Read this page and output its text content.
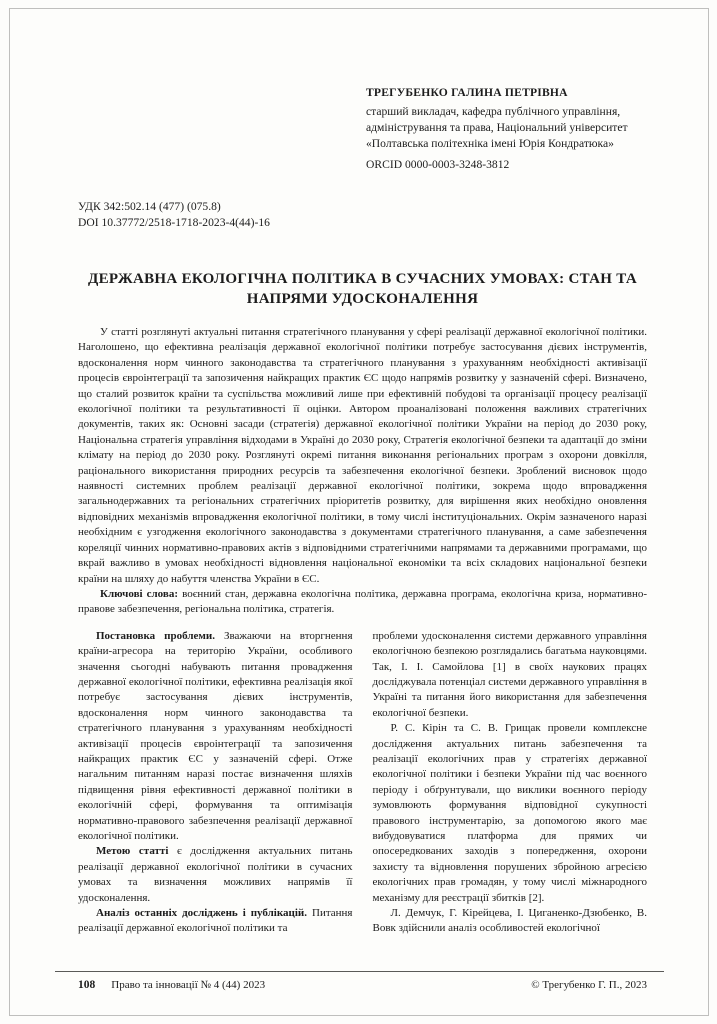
ТРЕГУБЕНКО ГАЛИНА ПЕТРІВНА
старший викладач, кафедра публічного управління, адміністрування та права, Національний університет «Полтавська політехніка імені Юрія Кондратюка»
ORCID 0000-0003-3248-3812
УДК 342:502.14 (477) (075.8)
DOI 10.37772/2518-1718-2023-4(44)-16
ДЕРЖАВНА ЕКОЛОГІЧНА ПОЛІТИКА В СУЧАСНИХ УМОВАХ: СТАН ТА НАПРЯМИ УДОСКОНАЛЕННЯ

У статті розглянуті актуальні питання стратегічного планування у сфері реалізації державної екологічної політики. Наголошено, що ефективна реалізація державної екологічної політики потребує застосування дієвих інструментів, вдосконалення норм чинного законодавства та стратегічного планування з урахуванням необхідності активізації процесів євроінтеграції та запозичення найкращих практик ЄС щодо напрямів розвитку у зазначеній сфері. Визначено, що сталий розвиток країни та суспільства можливий лише при ефективній побудові та організації процесу реалізації екологічної політики та результативності її оцінки. Автором проаналізовані положення важливих стратегічних документів, таких як: Основні засади (стратегія) державної екологічної політики України на період до 2030 року, Національна стратегія управління відходами в Україні до 2030 року, Стратегія екологічної безпеки та адаптації до зміни клімату на період до 2030 року. Розглянуті окремі питання виконання регіональних програм з охорони довкілля, раціонального використання природних ресурсів та забезпечення екологічної безпеки. Зроблений висновок щодо наявності системних проблем реалізації державної екологічної політики, зокрема щодо впровадження загальнодержавних та регіональних стратегічних пріоритетів розвитку, для вирішення яких необхідно оновлення відповідних механізмів впровадження екологічної політики, в тому числі інституціональних. Окрім зазначеного наразі необхідним є узгодження екологічного законодавства з документами стратегічного планування, а саме забезпечення кореляції чинних нормативно-правових актів з відповідними стратегічними напрямами та державними програмами, що вкрай важливо в умовах необхідності відновлення національної економіки та всіх складових національної безпеки країни на шляху до набуття членства України в ЄС.

Ключові слова: воєнний стан, державна екологічна політика, державна програма, екологічна криза, нормативно-правове забезпечення, регіональна політика, стратегія.

Постановка проблеми. Зважаючи на вторгнення країни-агресора на територію України, особливого значення сьогодні набувають питання провадження державної екологічної політики, ефективна реалізація якої потребує застосування дієвих інструментів, вдосконалення норм чинного законодавства та стратегічного планування з урахуванням необхідності активізації процесів євроінтеграції та запозичення найкращих практик ЄС у зазначеній сфері. Отже нагальним питанням наразі постає визначення шляхів підвищення рівня ефективності державної політики в екологічній сфері, формування та оптимізація нормативно-правового забезпечення реалізації державної екологічної політики.

Метою статті є дослідження актуальних питань реалізації державної екологічної політики в сучасних умовах та визначення можливих напрямів її удосконалення.

Аналіз останніх досліджень і публікацій. Питання реалізації державної екологічної політики та

проблеми удосконалення системи державного управління екологічною безпекою розглядались багатьма науковцями. Так, І. І. Самойлова [1] в своїх наукових працях досліджувала потенціал системи державного управління в Україні та питання його використання для забезпечення екологічної безпеки.

Р. С. Кірін та С. В. Грищак провели комплексне дослідження актуальних питань забезпечення та реалізації екологічних прав у стратегіях державної екологічної політики і безпеки України під час воєнного періоду і обґрунтували, що виклики воєнного періоду зумовлюють формування відповідної сукупності правового інструментарію, за допомогою якого має вибудовуватися платформа для прямих чи опосередкованих заходів з попередження, охорони захисту та відновлення порушених збройною агресією екологічних прав громадян, у тому числі міжнародного механізму для реєстрації збитків [2].

Л. Демчук, Г. Кірейцева, І. Циганенко-Дзюбенко, В. Вовк здійснили аналіз особливостей екологічної

108 Право та інновації № 4 (44) 2023	© Трегубенко Г. П., 2023
